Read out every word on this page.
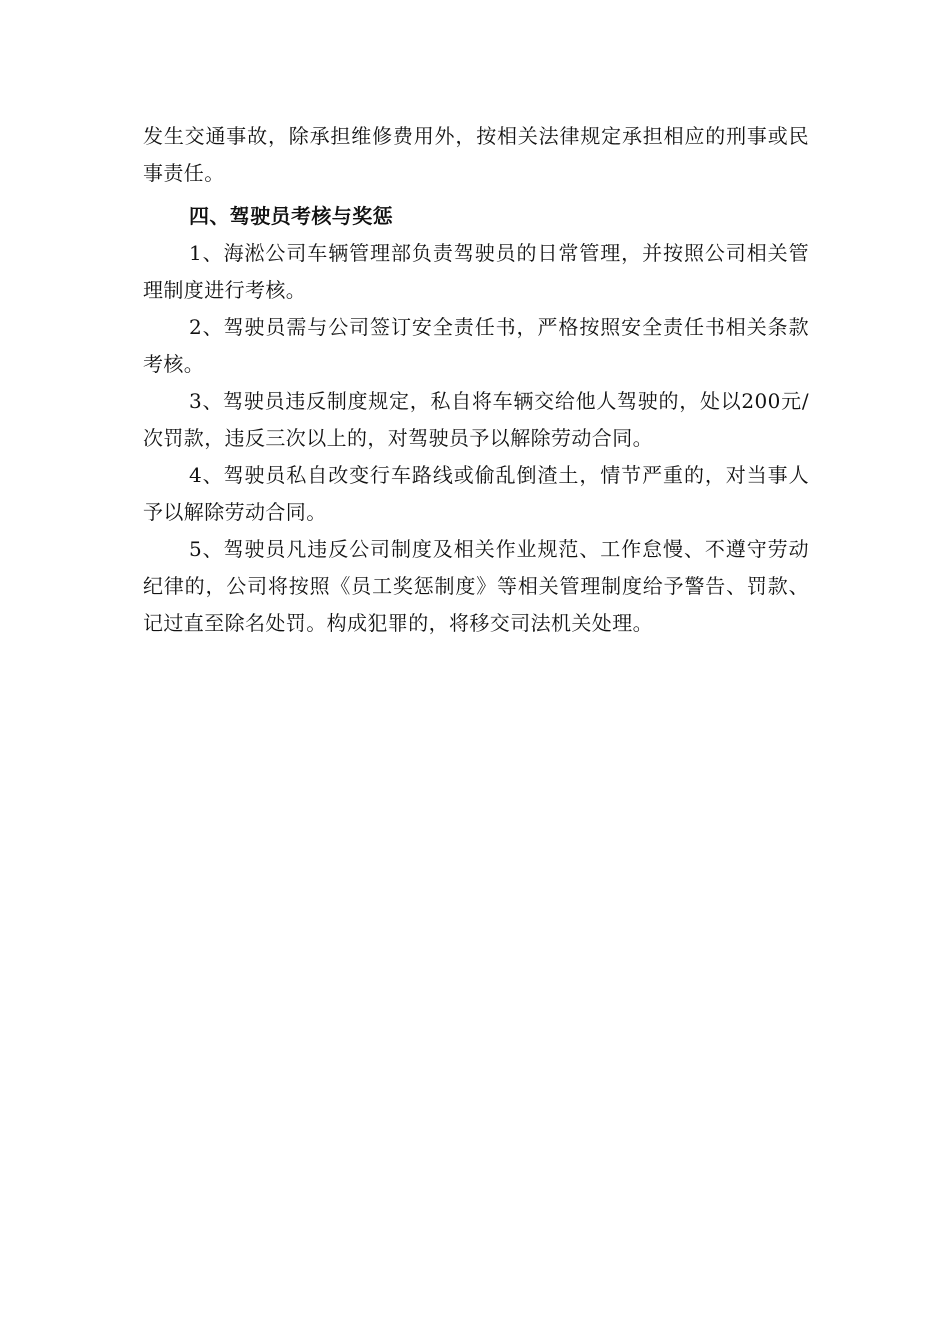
发生交通事故，除承担维修费用外，按相关法律规定承担相应的刑事或民事责任。

四、驾驶员考核与奖惩

1、海淞公司车辆管理部负责驾驶员的日常管理，并按照公司相关管理制度进行考核。

2、驾驶员需与公司签订安全责任书，严格按照安全责任书相关条款考核。

3、驾驶员违反制度规定，私自将车辆交给他人驾驶的，处以200元/次罚款，违反三次以上的，对驾驶员予以解除劳动合同。

4、驾驶员私自改变行车路线或偷乱倒渣土，情节严重的，对当事人予以解除劳动合同。

5、驾驶员凡违反公司制度及相关作业规范、工作怠慢、不遵守劳动纪律的，公司将按照《员工奖惩制度》等相关管理制度给予警告、罚款、记过直至除名处罚。构成犯罪的，将移交司法机关处理。
